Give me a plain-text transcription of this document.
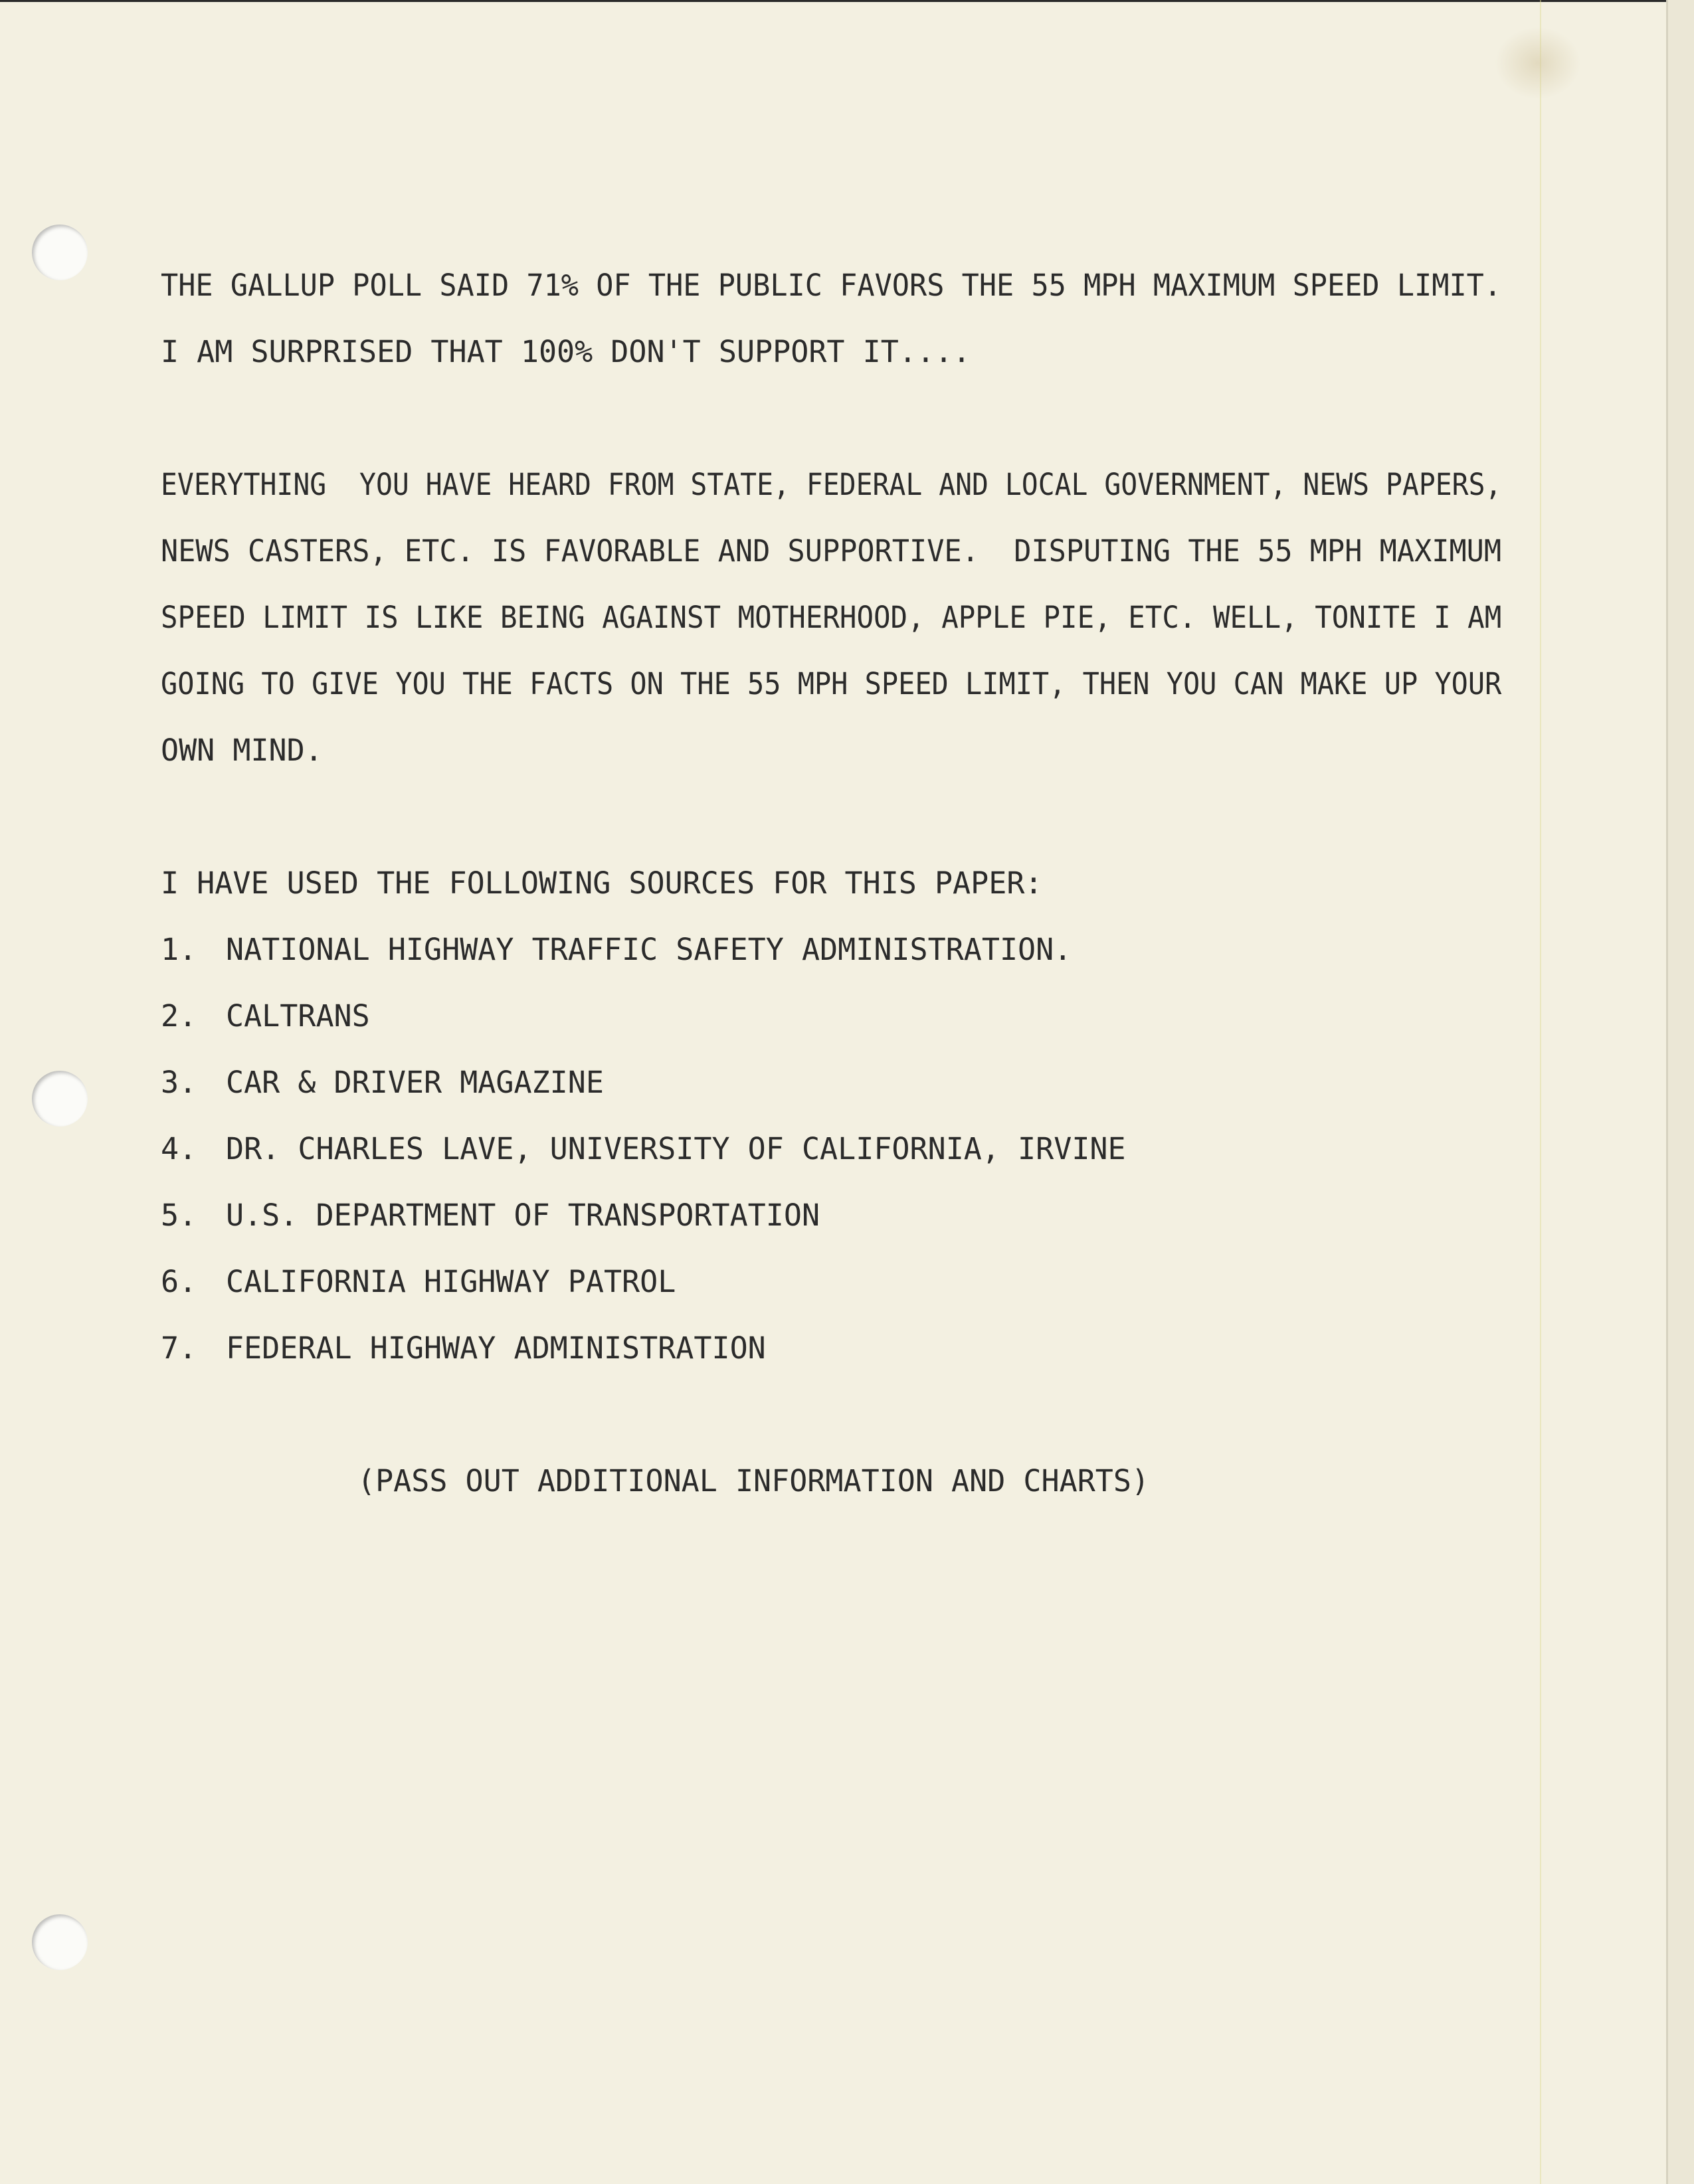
THE GALLUP POLL SAID 71% OF THE PUBLIC FAVORS THE 55 MPH MAXIMUM SPEED LIMIT.
I AM SURPRISED THAT 100% DON'T SUPPORT IT....
EVERYTHING  YOU HAVE HEARD FROM STATE, FEDERAL AND LOCAL GOVERNMENT, NEWS PAPERS,
NEWS CASTERS, ETC. IS FAVORABLE AND SUPPORTIVE.  DISPUTING THE 55 MPH MAXIMUM
SPEED LIMIT IS LIKE BEING AGAINST MOTHERHOOD, APPLE PIE, ETC. WELL, TONITE I AM
GOING TO GIVE YOU THE FACTS ON THE 55 MPH SPEED LIMIT, THEN YOU CAN MAKE UP YOUR
OWN MIND.
I HAVE USED THE FOLLOWING SOURCES FOR THIS PAPER:
1. NATIONAL HIGHWAY TRAFFIC SAFETY ADMINISTRATION.
2. CALTRANS
3. CAR & DRIVER MAGAZINE
4. DR. CHARLES LAVE, UNIVERSITY OF CALIFORNIA, IRVINE
5. U.S. DEPARTMENT OF TRANSPORTATION
6. CALIFORNIA HIGHWAY PATROL
7. FEDERAL HIGHWAY ADMINISTRATION
(PASS OUT ADDITIONAL INFORMATION AND CHARTS)
